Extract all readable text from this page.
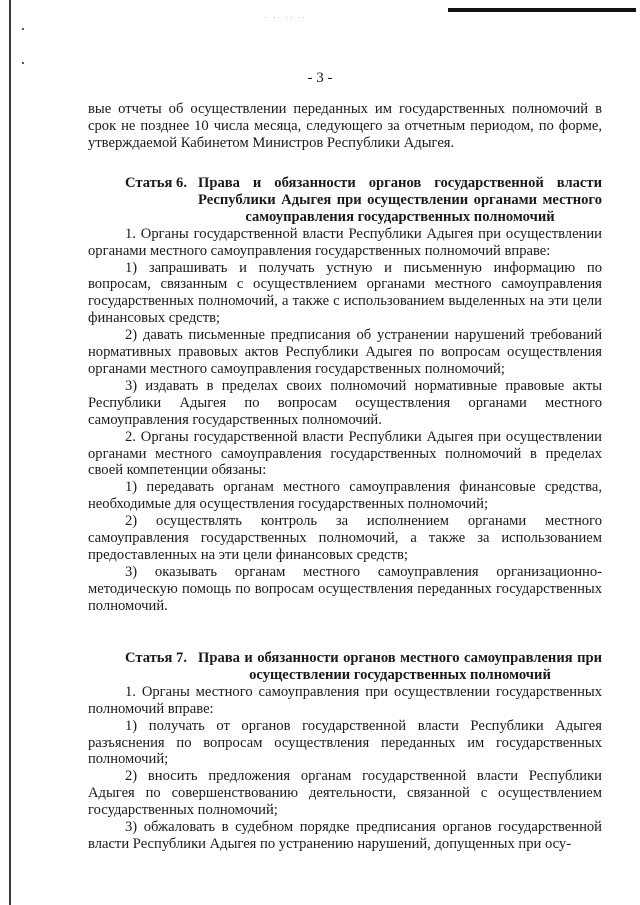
· ·· ·· ··
- 3 -

вые отчеты об осуществлении переданных им государственных полномочий в срок не позднее 10 числа месяца, следующего за отчетным периодом, по форме, утверждаемой Кабинетом Министров Республики Адыгея.

Статья 6. Права и обязанности органов государственной власти Республики Адыгея при осуществлении органами местного самоуправления государственных полномочий

1. Органы государственной власти Республики Адыгея при осуществлении органами местного самоуправления государственных полномочий вправе:

1) запрашивать и получать устную и письменную информацию по вопросам, связанным с осуществлением органами местного самоуправления государственных полномочий, а также с использованием выделенных на эти цели финансовых средств;

2) давать письменные предписания об устранении нарушений требований нормативных правовых актов Республики Адыгея по вопросам осуществления органами местного самоуправления государственных полномочий;

3) издавать в пределах своих полномочий нормативные правовые акты Республики Адыгея по вопросам осуществления органами местного самоуправления государственных полномочий.

2. Органы государственной власти Республики Адыгея при осуществлении органами местного самоуправления государственных полномочий в пределах своей компетенции обязаны:

1) передавать органам местного самоуправления финансовые средства, необходимые для осуществления государственных полномочий;

2) осуществлять контроль за исполнением органами местного самоуправления государственных полномочий, а также за использованием предоставленных на эти цели финансовых средств;

3) оказывать органам местного самоуправления организационно-методическую помощь по вопросам осуществления переданных государственных полномочий.

Статья 7. Права и обязанности органов местного самоуправления при осуществлении государственных полномочий

1. Органы местного самоуправления при осуществлении государственных полномочий вправе:

1) получать от органов государственной власти Республики Адыгея разъяснения по вопросам осуществления переданных им государственных полномочий;

2) вносить предложения органам государственной власти Республики Адыгея по совершенствованию деятельности, связанной с осуществлением государственных полномочий;

3) обжаловать в судебном порядке предписания органов государственной власти Республики Адыгея по устранению нарушений, допущенных при осу-
